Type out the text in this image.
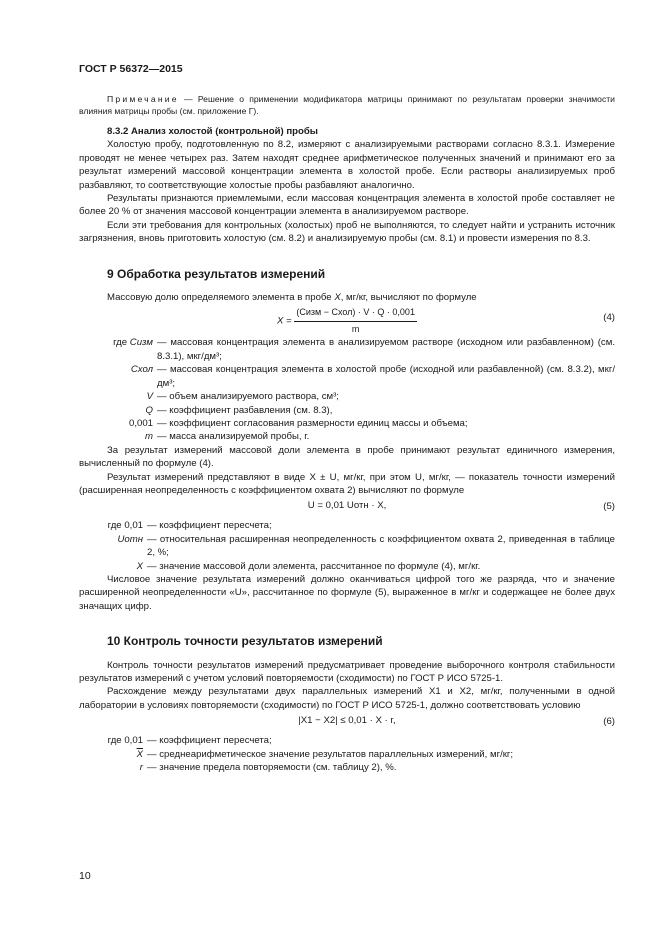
ГОСТ Р 56372—2015

Примечание — Решение о применении модификатора матрицы принимают по результатам проверки значимости влияния матрицы пробы (см. приложение Г).

8.3.2 Анализ холостой (контрольной) пробы

Холостую пробу, подготовленную по 8.2, измеряют с анализируемыми растворами согласно 8.3.1. Измерение проводят не менее четырех раз. Затем находят среднее арифметическое полученных значений и принимают его за результат измерений массовой концентрации элемента в холостой пробе. Если растворы анализируемых проб разбавляют, то соответствующие холостые пробы разбавляют аналогично.

Результаты признаются приемлемыми, если массовая концентрация элемента в холостой пробе составляет не более 20 % от значения массовой концентрации элемента в анализируемом растворе.

Если эти требования для контрольных (холостых) проб не выполняются, то следует найти и устранить источник загрязнения, вновь приготовить холостую (см. 8.2) и анализируемую пробы (см. 8.1) и провести измерения по 8.3.

9 Обработка результатов измерений

Массовую долю определяемого элемента в пробе X, мг/кг, вычисляют по формуле

$X = \frac{\text{(Cизм − Cхол) · V · Q · 0,001}}{m}$	(4)
где Cизм — массовая концентрация элемента в анализируемом растворе (исходном или разбавленном) (см. 8.3.1), мкг/дм³;
Cхол — массовая концентрация элемента в холостой пробе (исходной или разбавленной) (см. 8.3.2), мкг/дм³;
V — объем анализируемого раствора, см³;
Q — коэффициент разбавления (см. 8.3),
0,001 — коэффициент согласования размерности единиц массы и объема;
m — масса анализируемой пробы, г.

За результат измерений массовой доли элемента в пробе принимают результат единичного измерения, вычисленный по формуле (4).

Результат измерений представляют в виде X ± U, мг/кг, при этом U, мг/кг, — показатель точности измерений (расширенная неопределенность с коэффициентом охвата 2) вычисляют по формуле

U = 0,01 Uотн · X,	(5)
где 0,01 — коэффициент пересчета;
Uотн — относительная расширенная неопределенность с коэффициентом охвата 2, приведенная в таблице 2, %;
X — значение массовой доли элемента, рассчитанное по формуле (4), мг/кг.

Числовое значение результата измерений должно оканчиваться цифрой того же разряда, что и значение расширенной неопределенности «U», рассчитанное по формуле (5), выраженное в мг/кг и содержащее не более двух значащих цифр.

10 Контроль точности результатов измерений

Контроль точности результатов измерений предусматривает проведение выборочного контроля стабильности результатов измерений с учетом условий повторяемости (сходимости) по ГОСТ Р ИСО 5725-1.

Расхождение между результатами двух параллельных измерений X1 и X2, мг/кг, полученными в одной лаборатории в условиях повторяемости (сходимости) по ГОСТ Р ИСО 5725-1, должно соответствовать условию

|X1 − X2| ≤ 0,01 · X · r,	(6)
где 0,01 — коэффициент пересчета;
$\overline{X}$ — среднеарифметическое значение результатов параллельных измерений, мг/кг;
r — значение предела повторяемости (см. таблицу 2), %.
10
